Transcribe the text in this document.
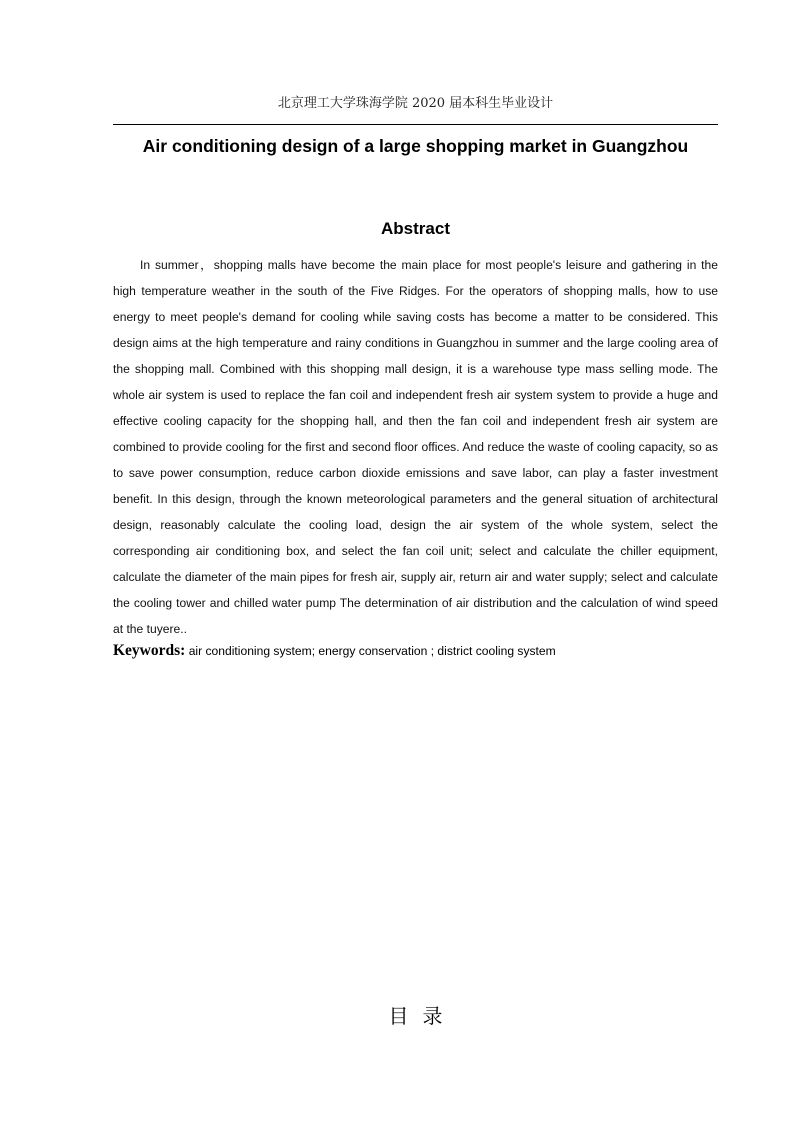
北京理工大学珠海学院 2020 届本科生毕业设计
Air conditioning design of a large shopping market in Guangzhou
Abstract

In summer，shopping malls have become the main place for most people's leisure and gathering in the high temperature weather in the south of the Five Ridges. For the operators of shopping malls, how to use energy to meet people's demand for cooling while saving costs has become a matter to be considered. This design aims at the high temperature and rainy conditions in Guangzhou in summer and the large cooling area of the shopping mall. Combined with this shopping mall design, it is a warehouse type mass selling mode. The whole air system is used to replace the fan coil and independent fresh air system system to provide a huge and effective cooling capacity for the shopping hall, and then the fan coil and independent fresh air system are combined to provide cooling for the first and second floor offices. And reduce the waste of cooling capacity, so as to save power consumption, reduce carbon dioxide emissions and save labor, can play a faster investment benefit. In this design, through the known meteorological parameters and the general situation of architectural design, reasonably calculate the cooling load, design the air system of the whole system, select the corresponding air conditioning box, and select the fan coil unit; select and calculate the chiller equipment, calculate the diameter of the main pipes for fresh air, supply air, return air and water supply; select and calculate the cooling tower and chilled water pump The determination of air distribution and the calculation of wind speed at the tuyere..

Keywords: air conditioning system; energy conservation ; district cooling system
目录
